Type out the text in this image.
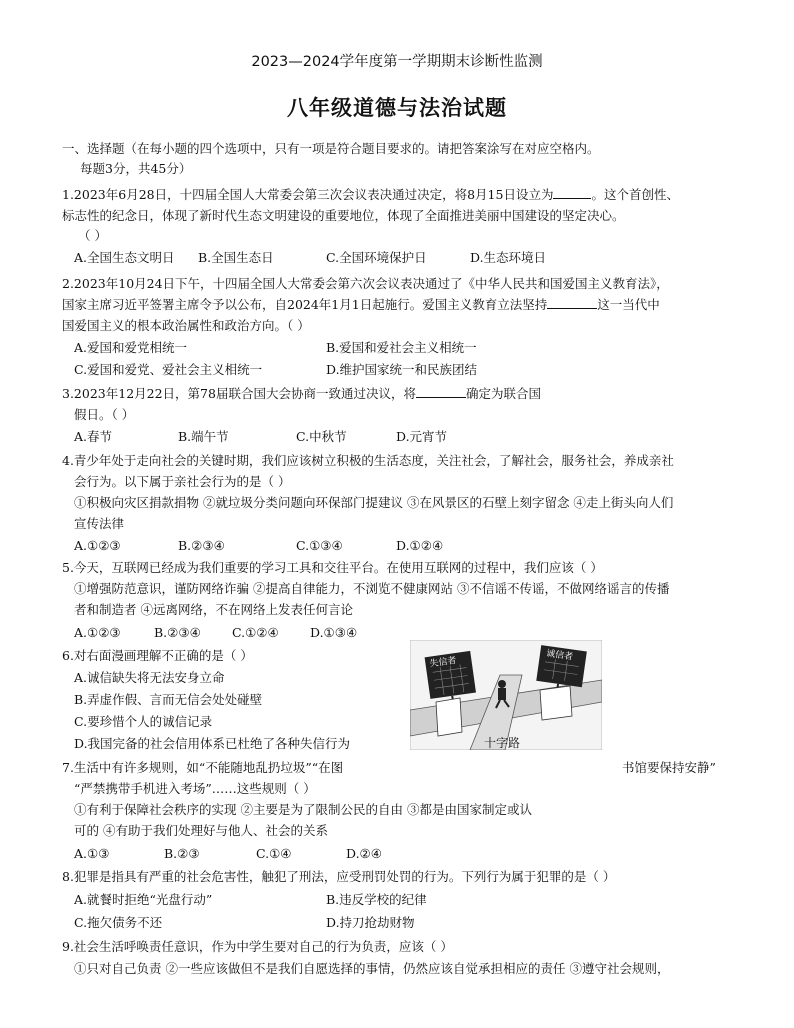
2023—2024学年度第一学期期末诊断性监测
八年级道德与法治试题
一、选择题（在每小题的四个选项中，只有一项是符合题目要求的。请把答案涂写在对应空格内。
每题3分，共45分）
1.2023年6月28日，十四届全国人大常委会第三次会议表决通过决定，将8月15日设立为	。这个首创性、
标志性的纪念日，体现了新时代生态文明建设的重要地位，体现了全面推进美丽中国建设的坚定决心。
（ ）
A.全国生态文明日 B.全国生态日	C.全国环境保护日	D.生态环境日
2.2023年10月24日下午，十四届全国人大常委会第六次会议表决通过了《中华人民共和国爱国主义教育法》，
国家主席习近平签署主席令予以公布，自2024年1月1日起施行。爱国主义教育立法坚持	这一当代中
国爱国主义的根本政治属性和政治方向。（ ）
A.爱国和爱党相统一	B.爱国和爱社会主义相统一
C.爱国和爱党、爱社会主义相统一	D.维护国家统一和民族团结
3.2023年12月22日，第78届联合国大会协商一致通过决议，将	确定为联合国
假日。（ ）
A.春节	B.端午节	C.中秋节	D.元宵节
4.青少年处于走向社会的关键时期，我们应该树立积极的生活态度，关注社会，了解社会，服务社会，养成亲社
会行为。以下属于亲社会行为的是（ ）
①积极向灾区捐款捐物 ②就垃圾分类问题向环保部门提建议 ③在风景区的石壁上刻字留念 ④走上街头向人们
宣传法律
A.①②③	B.②③④	C.①③④	D.①②④
5.今天，互联网已经成为我们重要的学习工具和交往平台。在使用互联网的过程中，我们应该（ ）
①增强防范意识，谨防网络诈骗 ②提高自律能力，不浏览不健康网站 ③不信谣不传谣，不做网络谣言的传播
者和制造者 ④远离网络，不在网络上发表任何言论
A.①②③	B.②③④ C.①②④	D.①③④
6.对右面漫画理解不正确的是（ ）
A.诚信缺失将无法安身立命
B.弄虚作假、言而无信会处处碰壁
C.要珍惜个人的诚信记录
D.我国完备的社会信用体系已杜绝了各种失信行为
失信者
诚信者
十字路
7.生活中有许多规则，如“不能随地乱扔垃圾”“在图	书馆要保持安静”
“严禁携带手机进入考场”……这些规则（ ）
①有利于保障社会秩序的实现 ②主要是为了限制公民的自由 ③都是由国家制定或认
可的 ④有助于我们处理好与他人、社会的关系
A.①③	B.②③	C.①④	D.②④
8.犯罪是指具有严重的社会危害性，触犯了刑法，应受刑罚处罚的行为。下列行为属于犯罪的是（ ）
A.就餐时拒绝“光盘行动”	B.违反学校的纪律
C.拖欠债务不还	D.持刀抢劫财物
9.社会生活呼唤责任意识，作为中学生要对自己的行为负责，应该（ ）
①只对自己负责 ②一些应该做但不是我们自愿选择的事情，仍然应该自觉承担相应的责任 ③遵守社会规则，
